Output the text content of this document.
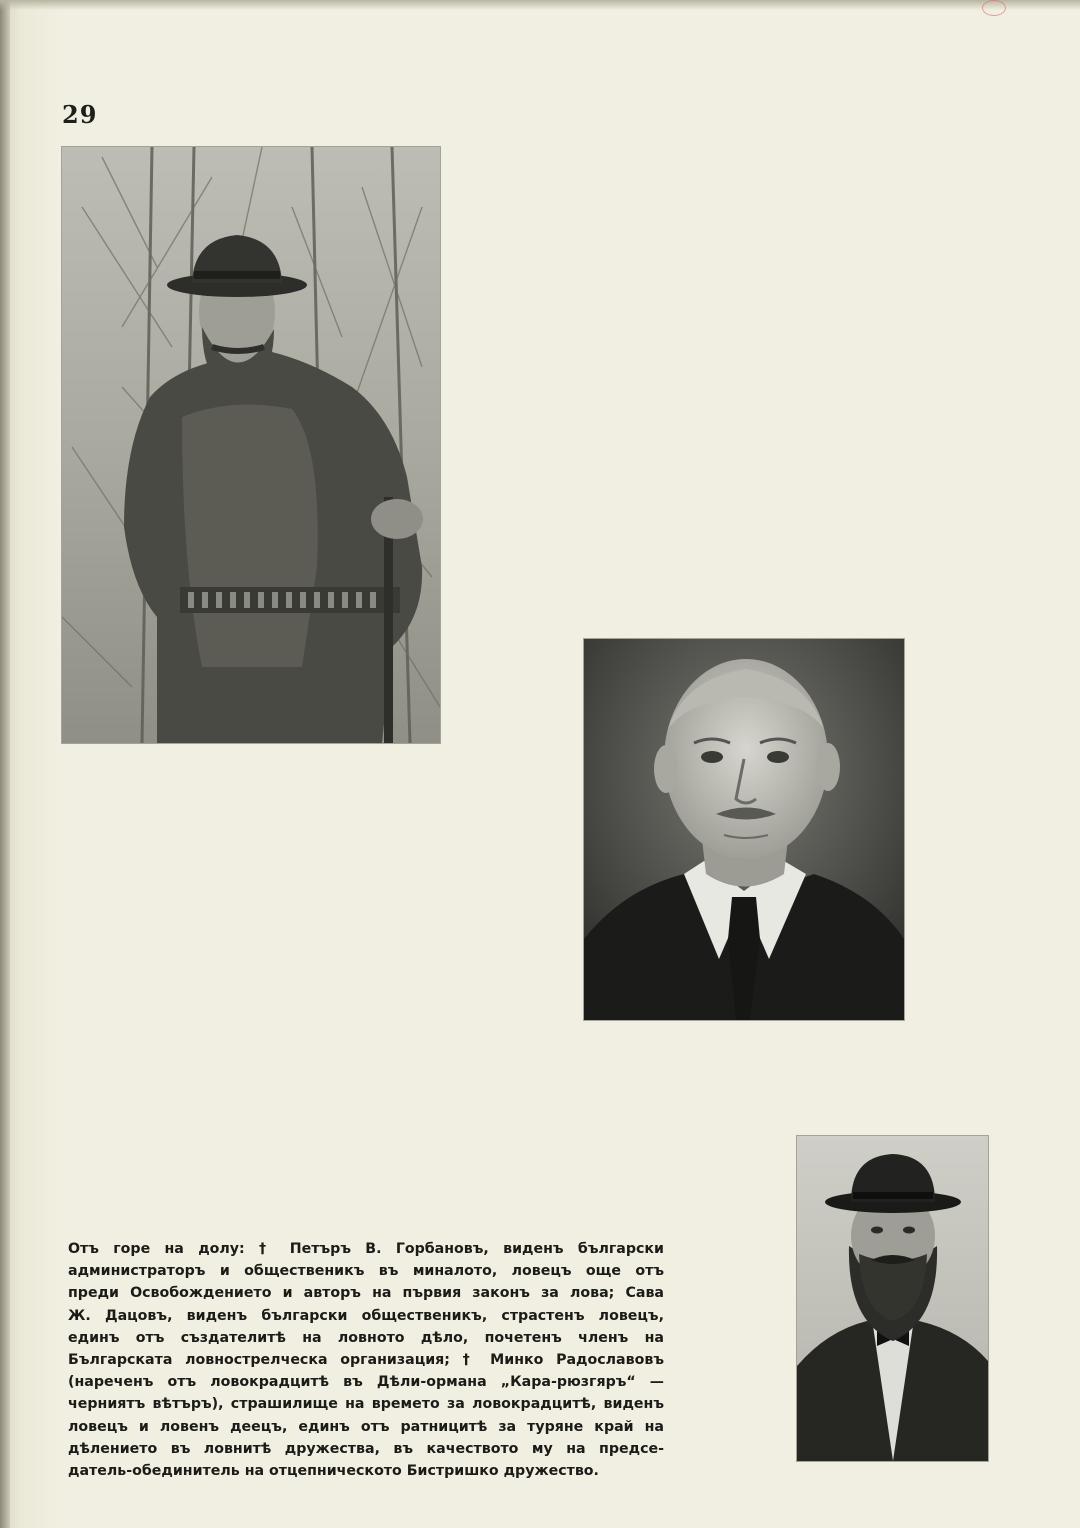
29
Отъ горе на долу: † Петъръ В. Горбановъ, виденъ български
администраторъ и общественикъ въ миналото, ловецъ още отъ
преди Освобождението и авторъ на първия законъ за лова; Сава
Ж. Дацовъ, виденъ български общественикъ, страстенъ ловецъ,
единъ отъ създателитѣ на ловното дѣло, почетенъ членъ на
Българската ловнострелческа организация; † Минко Радославовъ
(нареченъ отъ ловокрадцитѣ въ Дѣли-ормана „Кара-рюзгяръ“ —
черниятъ вѣтъръ), страшилище на времето за ловокрадцитѣ, виденъ
ловецъ и ловенъ деецъ, единъ отъ ратницитѣ за туряне край на
дѣлението въ ловнитѣ дружества, въ качеството му на предсе-
датель-обединитель на отцепническото Бистришко дружество.
